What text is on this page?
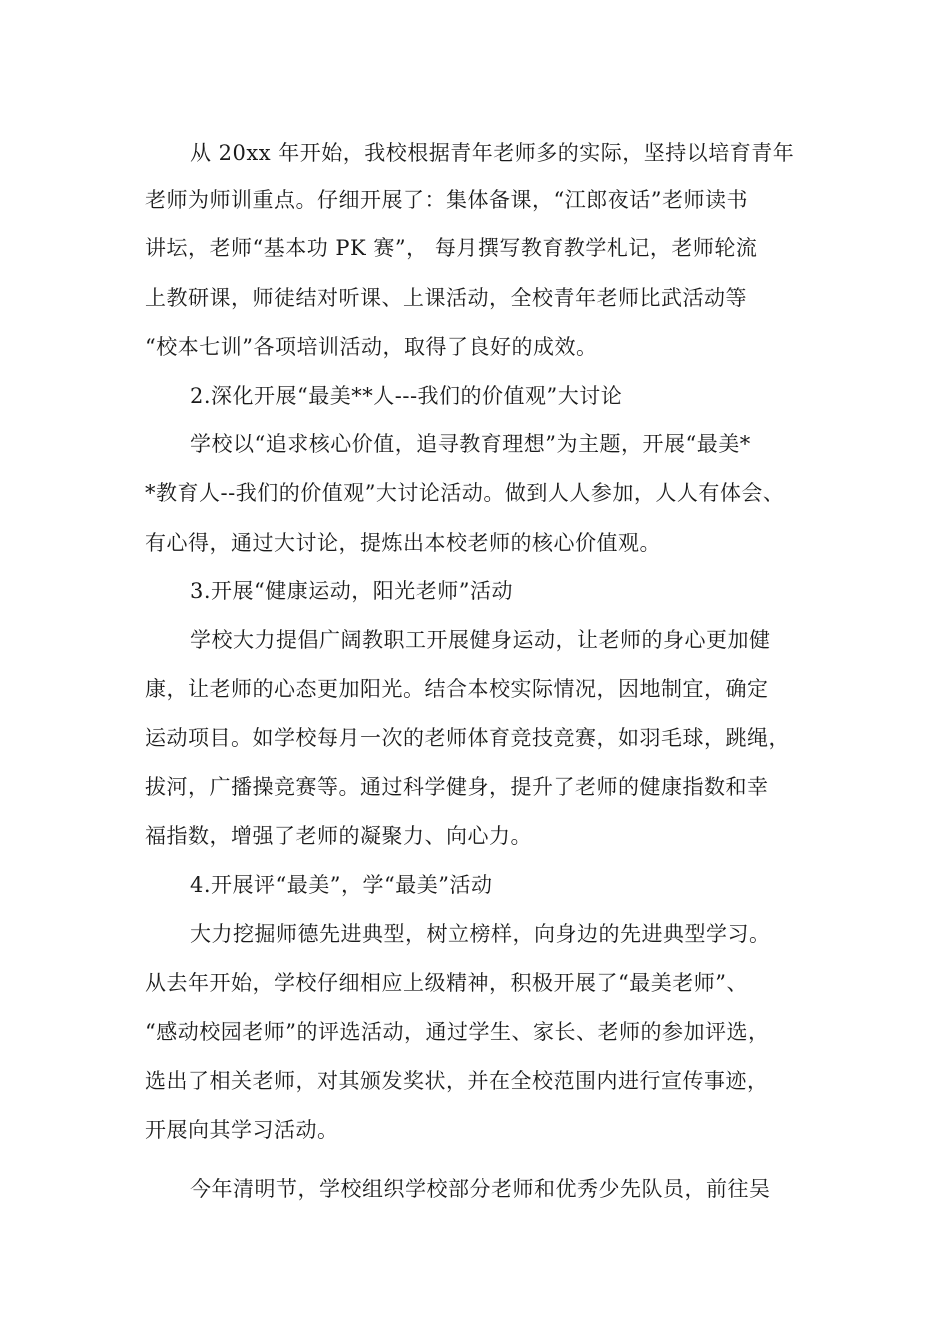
从 20xx 年开始，我校根据青年老师多的实际，坚持以培育青年
老师为师训重点。仔细开展了：集体备课，“江郎夜话”老师读书
讲坛，老师“基本功 PK 赛”， 每月撰写教育教学札记，老师轮流
上教研课，师徒结对听课、上课活动，全校青年老师比武活动等
“校本七训”各项培训活动，取得了良好的成效。
2.深化开展“最美**人---我们的价值观”大讨论
学校以“追求核心价值，追寻教育理想”为主题，开展“最美*
*教育人--我们的价值观”大讨论活动。做到人人参加，人人有体会、
有心得，通过大讨论，提炼出本校老师的核心价值观。
3.开展“健康运动，阳光老师”活动
学校大力提倡广阔教职工开展健身运动，让老师的身心更加健
康，让老师的心态更加阳光。结合本校实际情况，因地制宜，确定
运动项目。如学校每月一次的老师体育竞技竞赛，如羽毛球，跳绳，
拔河，广播操竞赛等。通过科学健身，提升了老师的健康指数和幸
福指数，增强了老师的凝聚力、向心力。
4.开展评“最美”，学“最美”活动
大力挖掘师德先进典型，树立榜样，向身边的先进典型学习。
从去年开始，学校仔细相应上级精神，积极开展了“最美老师”、
“感动校园老师”的评选活动，通过学生、家长、老师的参加评选，
选出了相关老师，对其颁发奖状，并在全校范围内进行宣传事迹，
开展向其学习活动。
今年清明节，学校组织学校部分老师和优秀少先队员，前往吴
